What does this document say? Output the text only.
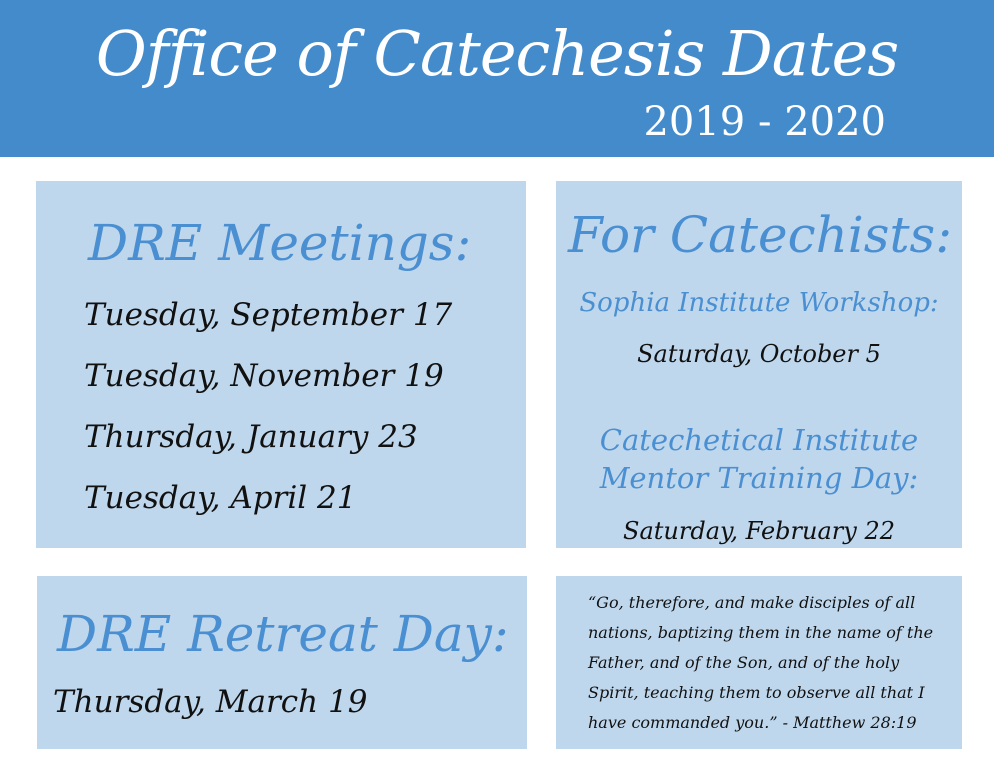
Office of Catechesis Dates
2019 - 2020
DRE Meetings:
Tuesday, September 17
Tuesday, November 19
Thursday, January 23
Tuesday, April 21
For Catechists:
Sophia Institute Workshop:
Saturday, October 5
Catechetical Institute
Mentor Training Day:
Saturday, February 22
DRE Retreat Day:
Thursday, March 19

“Go, therefore, and make disciples of all nations, baptizing them in the name of the Father, and of the Son, and of the holy Spirit, teaching them to observe all that I have commanded you.” - Matthew 28:19
